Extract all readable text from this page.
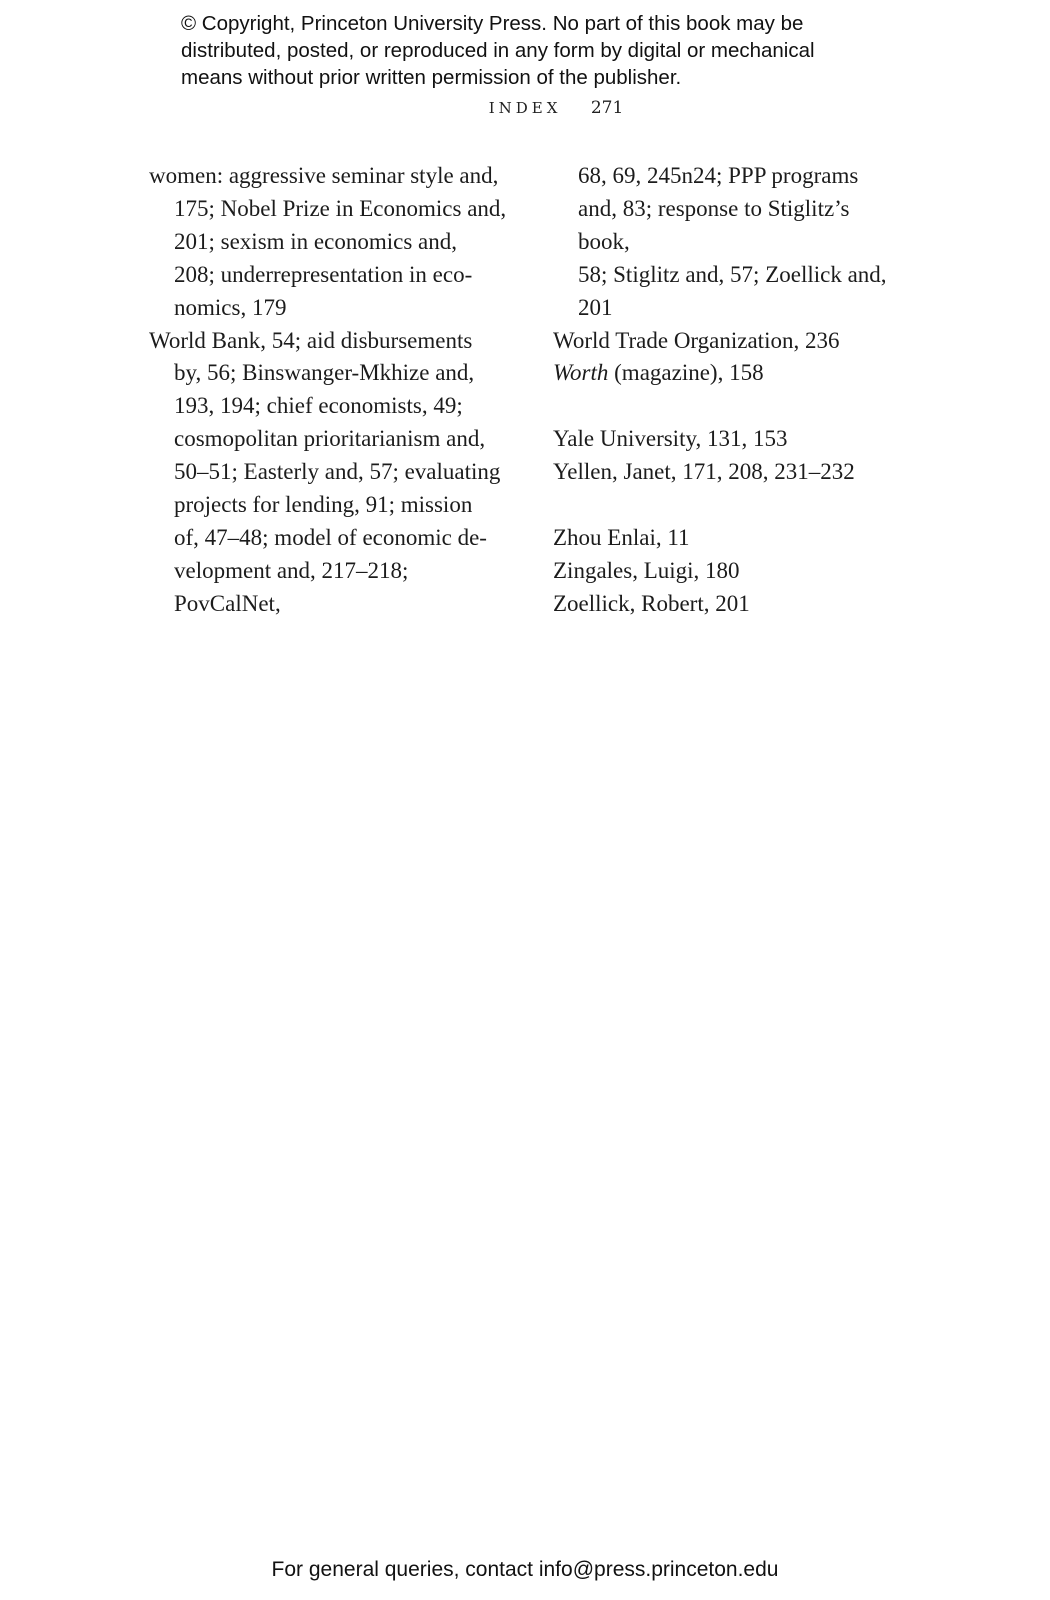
© Copyright, Princeton University Press. No part of this book may be
distributed, posted, or reproduced in any form by digital or mechanical
means without prior written permission of the publisher.
INDEX 271
women: aggressive seminar style and,
175; Nobel Prize in Economics and,
201; sexism in economics and,
208; underrepresentation in eco-
nomics, 179
World Bank, 54; aid disbursements
by, 56; Binswanger-Mkhize and,
193, 194; chief economists, 49;
cosmopolitan prioritarianism and,
50–51; Easterly and, 57; evaluating
projects for lending, 91; mission
of, 47–48; model of economic de-
velopment and, 217–218; PovCalNet,
68, 69, 245n24; PPP programs
and, 83; response to Stiglitz’s book,
58; Stiglitz and, 57; Zoellick and,
201
World Trade Organization, 236
Worth (magazine), 158
Yale University, 131, 153
Yellen, Janet, 171, 208, 231–232
Zhou Enlai, 11
Zingales, Luigi, 180
Zoellick, Robert, 201
For general queries, contact info@press.princeton.edu
